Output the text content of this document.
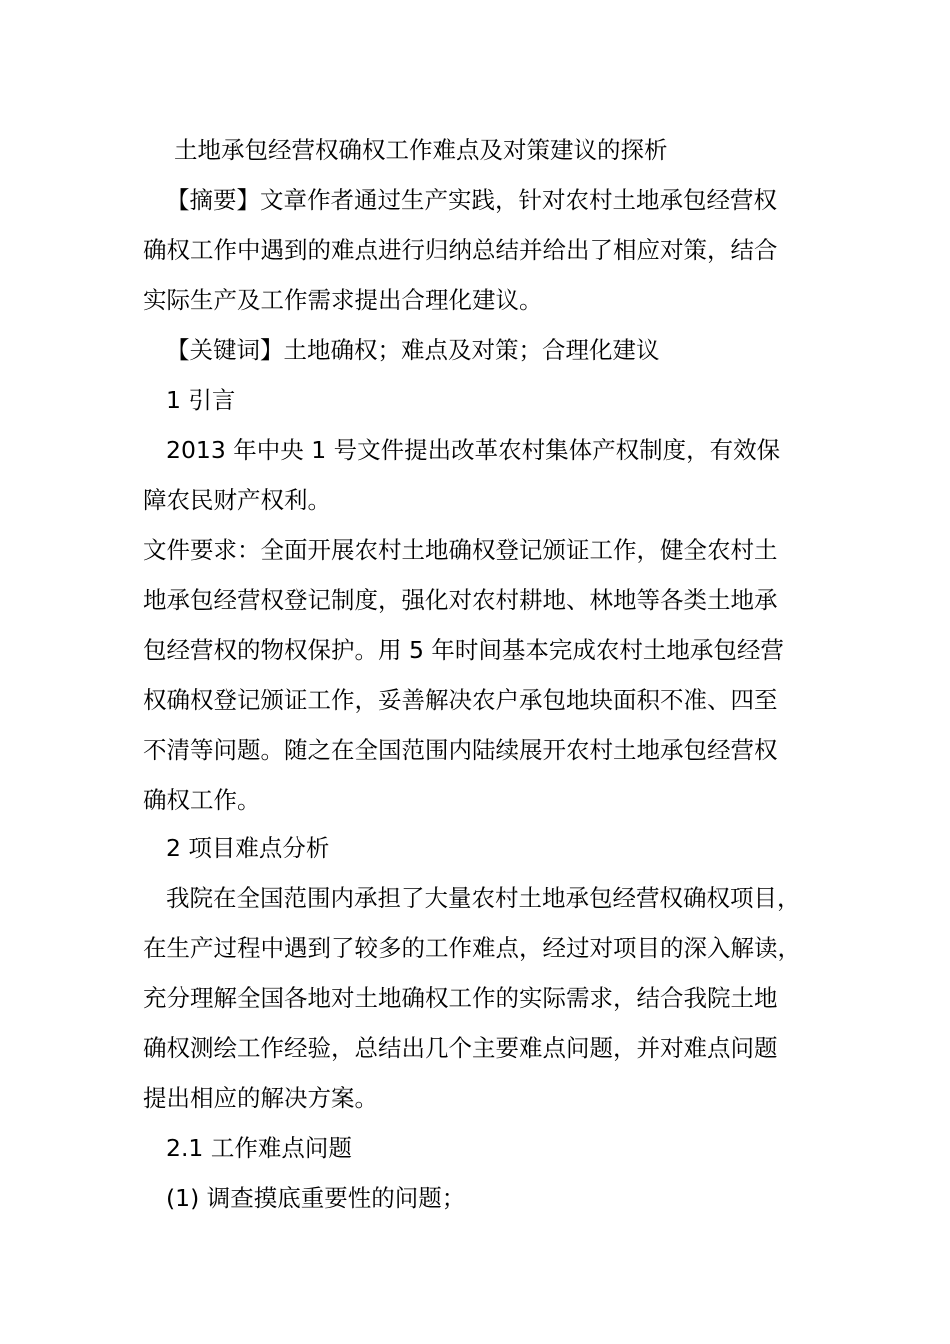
土地承包经营权确权工作难点及对策建议的探析
【摘要】文章作者通过生产实践，针对农村土地承包经营权
确权工作中遇到的难点进行归纳总结并给出了相应对策，结合
实际生产及工作需求提出合理化建议。
【关键词】土地确权；难点及对策；合理化建议
1 引言
2013 年中央 1 号文件提出改革农村集体产权制度，有效保
障农民财产权利。
文件要求：全面开展农村土地确权登记颁证工作，健全农村土
地承包经营权登记制度，强化对农村耕地、林地等各类土地承
包经营权的物权保护。用 5 年时间基本完成农村土地承包经营
权确权登记颁证工作，妥善解决农户承包地块面积不准、四至
不清等问题。随之在全国范围内陆续展开农村土地承包经营权
确权工作。
2 项目难点分析
我院在全国范围内承担了大量农村土地承包经营权确权项目，
在生产过程中遇到了较多的工作难点，经过对项目的深入解读，
充分理解全国各地对土地确权工作的实际需求，结合我院土地
确权测绘工作经验，总结出几个主要难点问题，并对难点问题
提出相应的解决方案。
2.1 工作难点问题
(1) 调查摸底重要性的问题；
